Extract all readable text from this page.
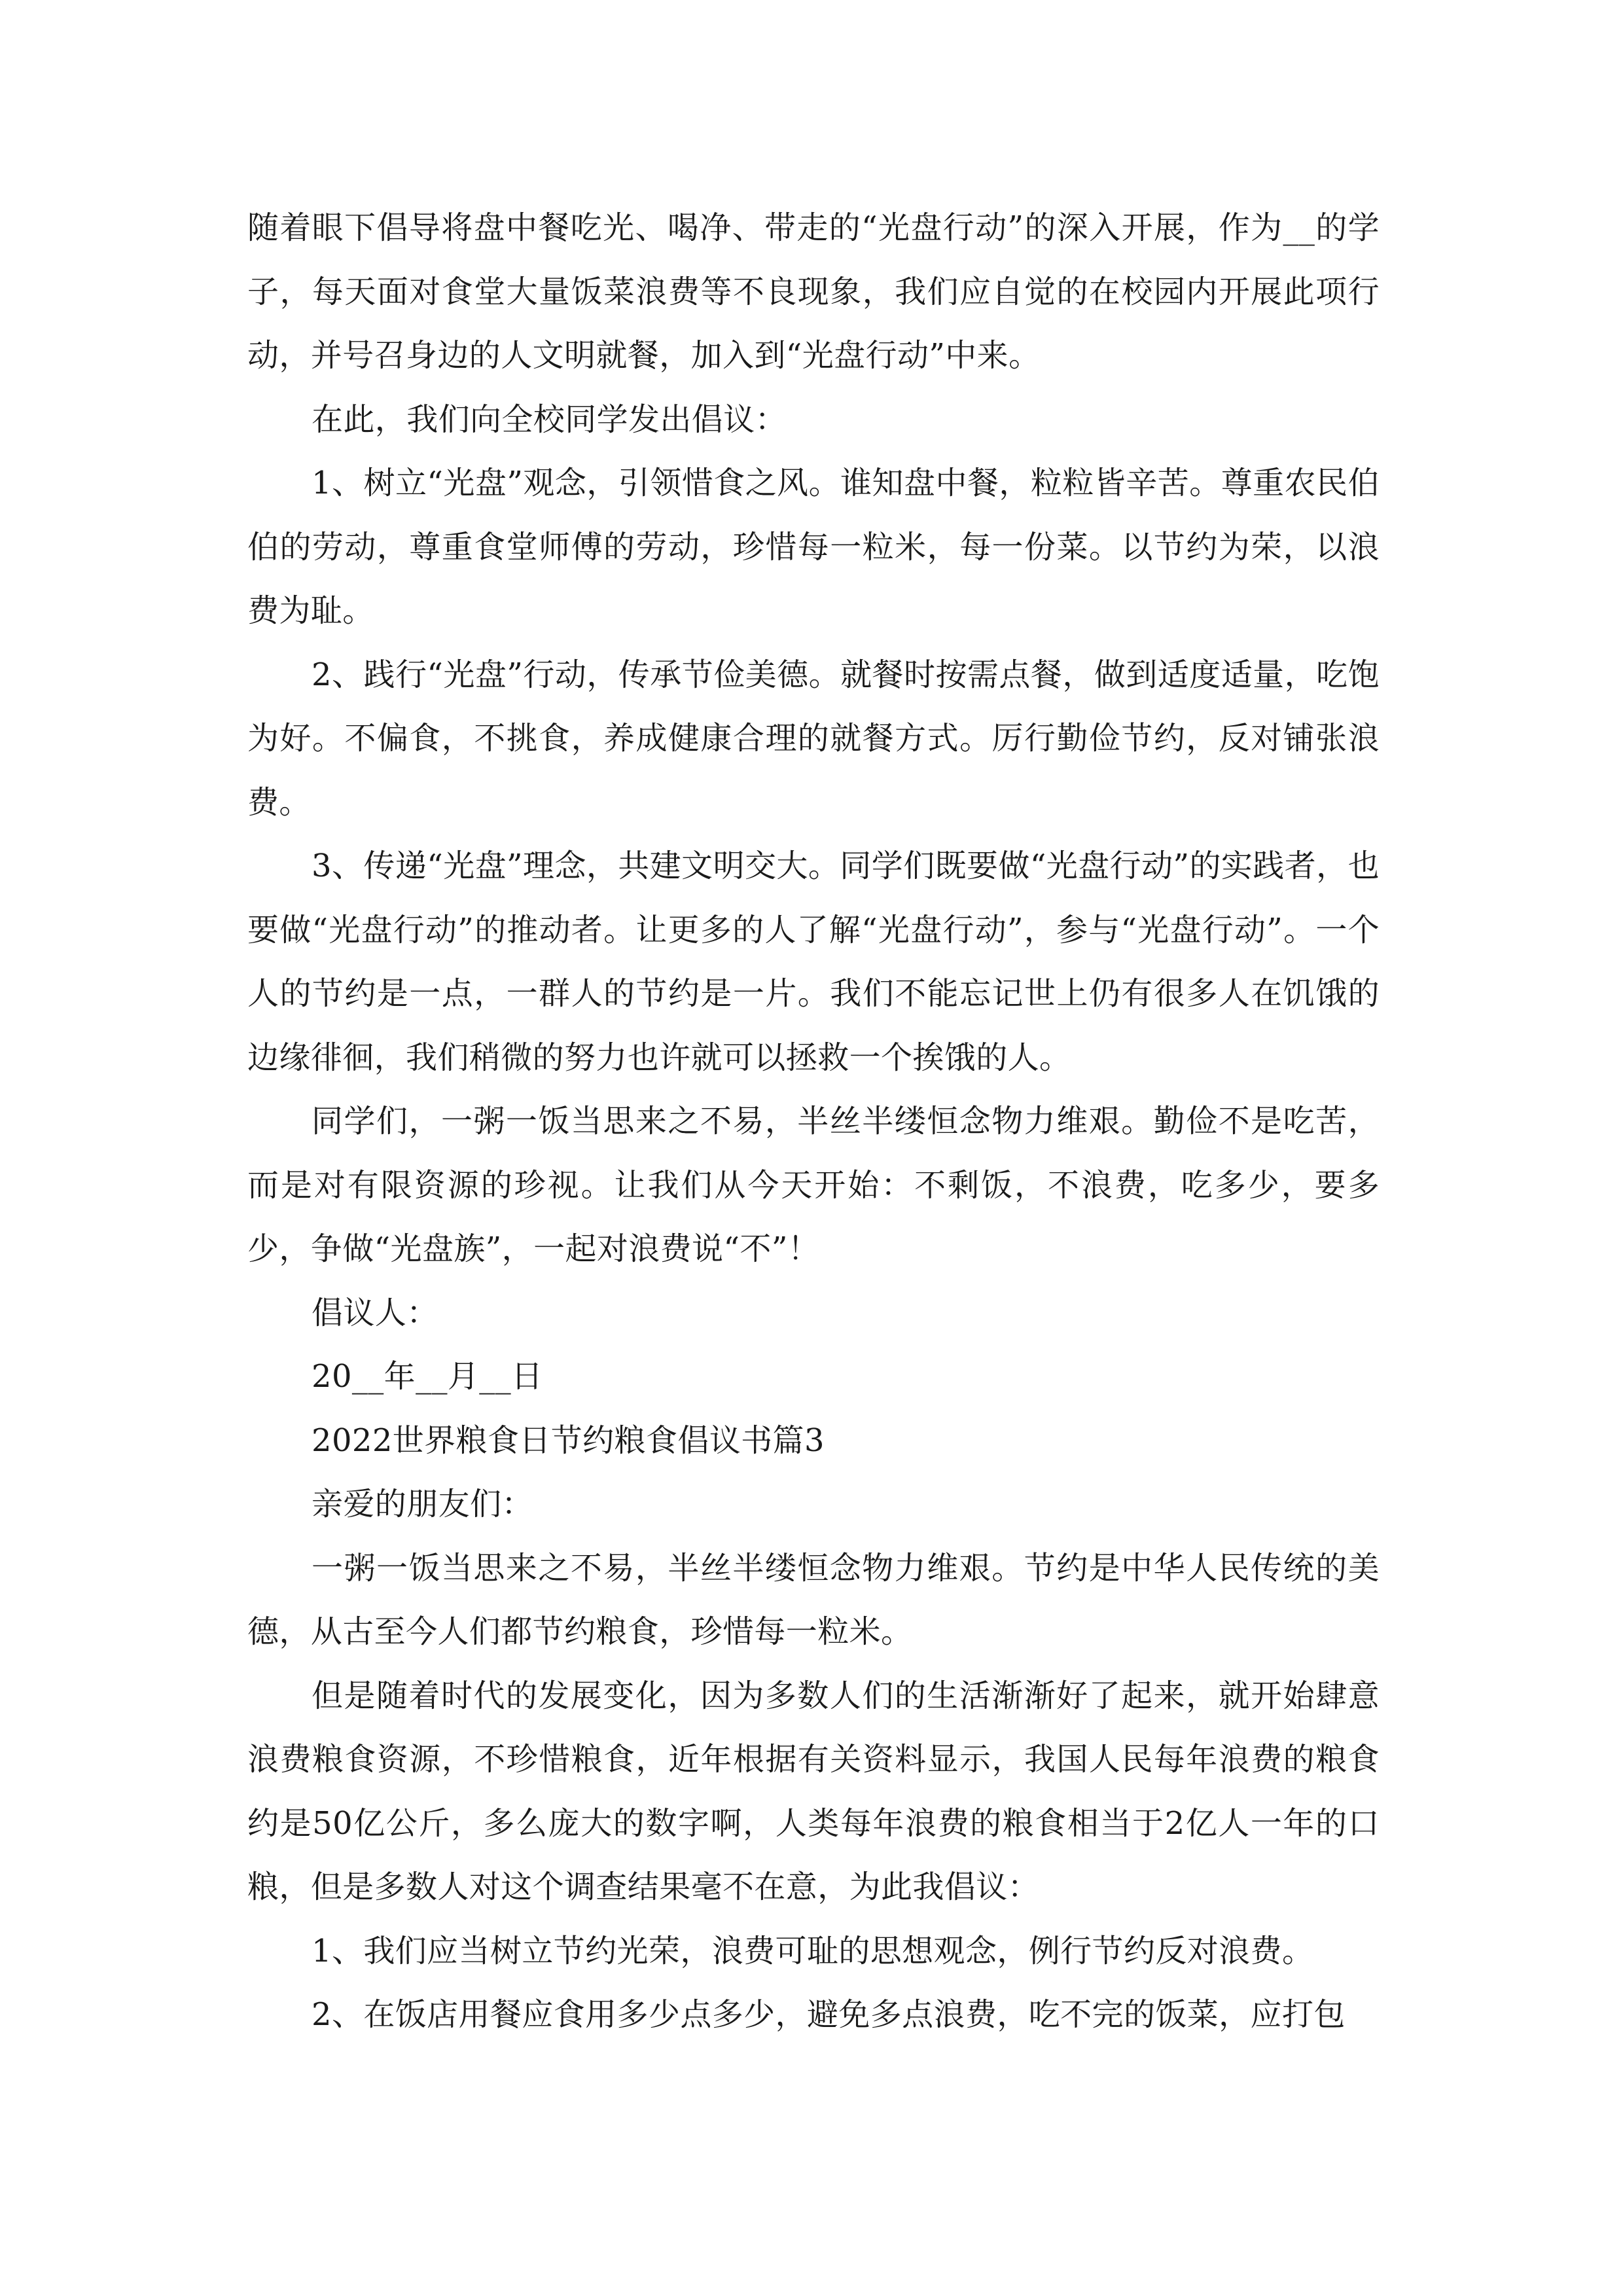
随着眼下倡导将盘中餐吃光、喝净、带走的“光盘行动”的深入开展，作为__的学子，每天面对食堂大量饭菜浪费等不良现象，我们应自觉的在校园内开展此项行动，并号召身边的人文明就餐，加入到“光盘行动”中来。

在此，我们向全校同学发出倡议：

1、树立“光盘”观念，引领惜食之风。谁知盘中餐，粒粒皆辛苦。尊重农民伯伯的劳动，尊重食堂师傅的劳动，珍惜每一粒米，每一份菜。以节约为荣，以浪费为耻。

2、践行“光盘”行动，传承节俭美德。就餐时按需点餐，做到适度适量，吃饱为好。不偏食，不挑食，养成健康合理的就餐方式。厉行勤俭节约，反对铺张浪费。

3、传递“光盘”理念，共建文明交大。同学们既要做“光盘行动”的实践者，也要做“光盘行动”的推动者。让更多的人了解“光盘行动”，参与“光盘行动”。一个人的节约是一点，一群人的节约是一片。我们不能忘记世上仍有很多人在饥饿的边缘徘徊，我们稍微的努力也许就可以拯救一个挨饿的人。

同学们，一粥一饭当思来之不易，半丝半缕恒念物力维艰。勤俭不是吃苦，而是对有限资源的珍视。让我们从今天开始：不剩饭，不浪费，吃多少，要多少，争做“光盘族”，一起对浪费说“不”！

倡议人：

20__年__月__日

2022世界粮食日节约粮食倡议书篇3

亲爱的朋友们：

一粥一饭当思来之不易，半丝半缕恒念物力维艰。节约是中华人民传统的美德，从古至今人们都节约粮食，珍惜每一粒米。

但是随着时代的发展变化，因为多数人们的生活渐渐好了起来，就开始肆意浪费粮食资源，不珍惜粮食，近年根据有关资料显示，我国人民每年浪费的粮食约是50亿公斤，多么庞大的数字啊，人类每年浪费的粮食相当于2亿人一年的口粮，但是多数人对这个调查结果毫不在意，为此我倡议：

1、我们应当树立节约光荣，浪费可耻的思想观念，例行节约反对浪费。

2、在饭店用餐应食用多少点多少，避免多点浪费，吃不完的饭菜，应打包
